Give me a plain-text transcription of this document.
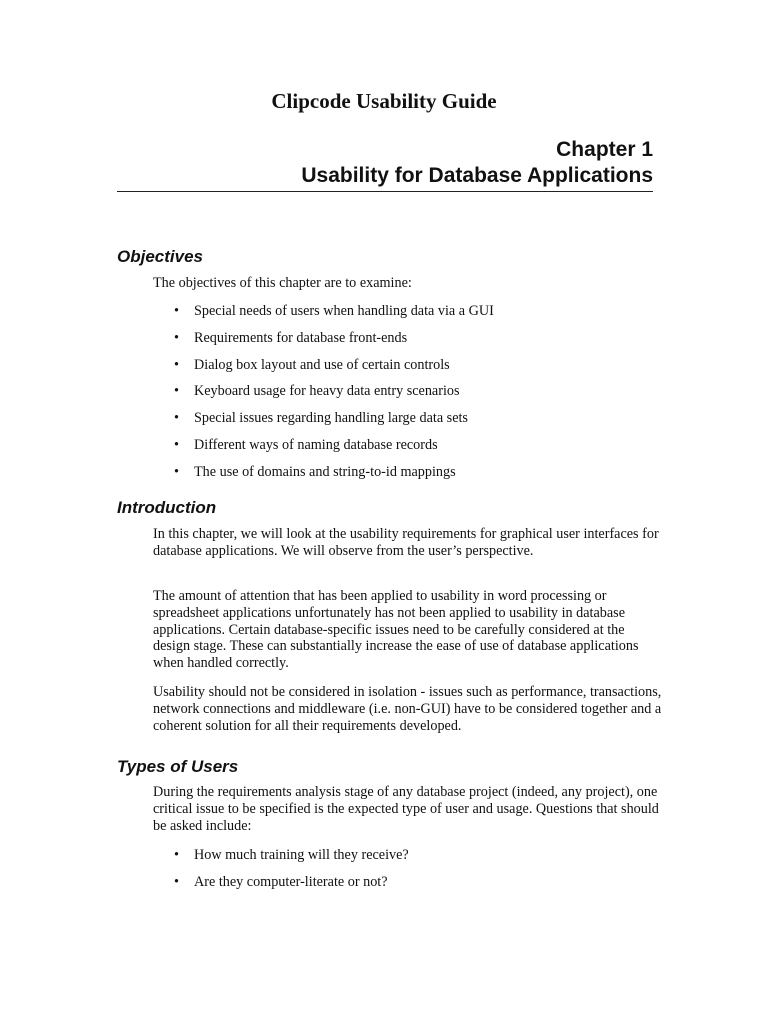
Clipcode Usability Guide
Chapter 1
Usability for Database Applications
Objectives

The objectives of this chapter are to examine:

• Special needs of users when handling data via a GUI
• Requirements for database front-ends
• Dialog box layout and use of certain controls
• Keyboard usage for heavy data entry scenarios
• Special issues regarding handling large data sets
• Different ways of naming database records
• The use of domains and string-to-id mappings
Introduction

In this chapter, we will look at the usability requirements for graphical user interfaces for database applications. We will observe from the user’s perspective.

The amount of attention that has been applied to usability in word processing or spreadsheet applications unfortunately has not been applied to usability in database applications. Certain database-specific issues need to be carefully considered at the design stage. These can substantially increase the ease of use of database applications when handled correctly.

Usability should not be considered in isolation - issues such as performance, transactions, network connections and middleware (i.e. non-GUI) have to be considered together and a coherent solution for all their requirements developed.

Types of Users

During the requirements analysis stage of any database project (indeed, any project), one critical issue to be specified is the expected type of user and usage. Questions that should be asked include:

• How much training will they receive?
• Are they computer-literate or not?
